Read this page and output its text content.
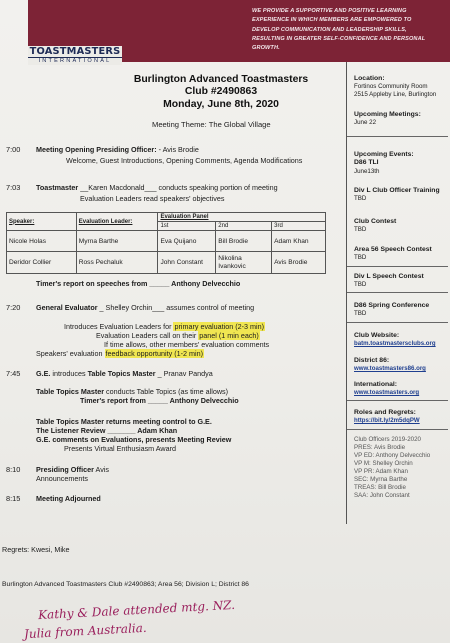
WE PROVIDE A SUPPORTIVE AND POSITIVE LEARNING
EXPERIENCE IN WHICH MEMBERS ARE EMPOWERED TO
DEVELOP COMMUNICATION AND LEADERSHIP SKILLS,
RESULTING IN GREATER SELF-CONFIDENCE AND PERSONAL
GROWTH.
TOASTMASTERS
INTERNATIONAL
Burlington Advanced Toastmasters
Club #2490863
Monday, June 8th, 2020
Meeting Theme: The Global Village
7:00 Meeting Opening Presiding Officer: - Avis Brodie
Welcome, Guest Introductions, Opening Comments, Agenda Modifications
7:03 Toastmaster __Karen Macdonald___ conducts speaking portion of meeting
Evaluation Leaders read speakers' objectives
Speaker:	Evaluation Leader:	Evaluation Panel		
		1st	2nd	3rd
Nicole Holas	Myrna Barthe	Eva Quijano	Bill Brodie	Adam Khan
Deridor Collier	Ross Pechaluk	John Constant	Nikolina Ivankovic	Avis Brodie
Timer's report on speeches from _____ Anthony Delvecchio
7:20 General Evaluator _ Shelley Orchin___ assumes control of meeting
Introduces Evaluation Leaders for primary evaluation (2-3 min)
Evaluation Leaders call on their panel (1 min each)
If time allows, other members' evaluation comments
Speakers' evaluation feedback opportunity (1-2 min)
7:45 G.E. introduces Table Topics Master _ Pranav Pandya
Table Topics Master conducts Table Topics (as time allows)
Timer's report from _____ Anthony Delvecchio
Table Topics Master returns meeting control to G.E.
The Listener Review _______ Adam Khan
G.E. comments on Evaluations, presents Meeting Review
Presents Virtual Enthusiasm Award
8:10 Presiding Officer Avis
Announcements
8:15 Meeting Adjourned
Regrets: Kwesi, Mike
Burlington Advanced Toastmasters Club #2490863; Area 56; Division L; District 86
Location:
Fortinos Community Room
2515 Appleby Line, Burlington
Upcoming Meetings:
June 22
Upcoming Events:
D86 TLI
June13th
Div L Club Officer Training
TBD
Club Contest
TBD
Area 56 Speech Contest
TBD
Div L Speech Contest
TBD
D86 Spring Conference
TBD
Club Website:
batm.toastmastersclubs.org
District 86:
www.toastmasters86.org
International:
www.toastmasters.org
Roles and Regrets:
https://bit.ly/2m5dqPW
Club Officers 2019-2020
PRES: Avis Brodie
VP ED: Anthony Delvecchio
VP M: Shelley Orchin
VP PR: Adam Khan
SEC: Myrna Barthe
TREAS: Bill Brodie
SAA: John Constant
Kathy & Dale attended mtg. NZ.
Julia from Australia.
